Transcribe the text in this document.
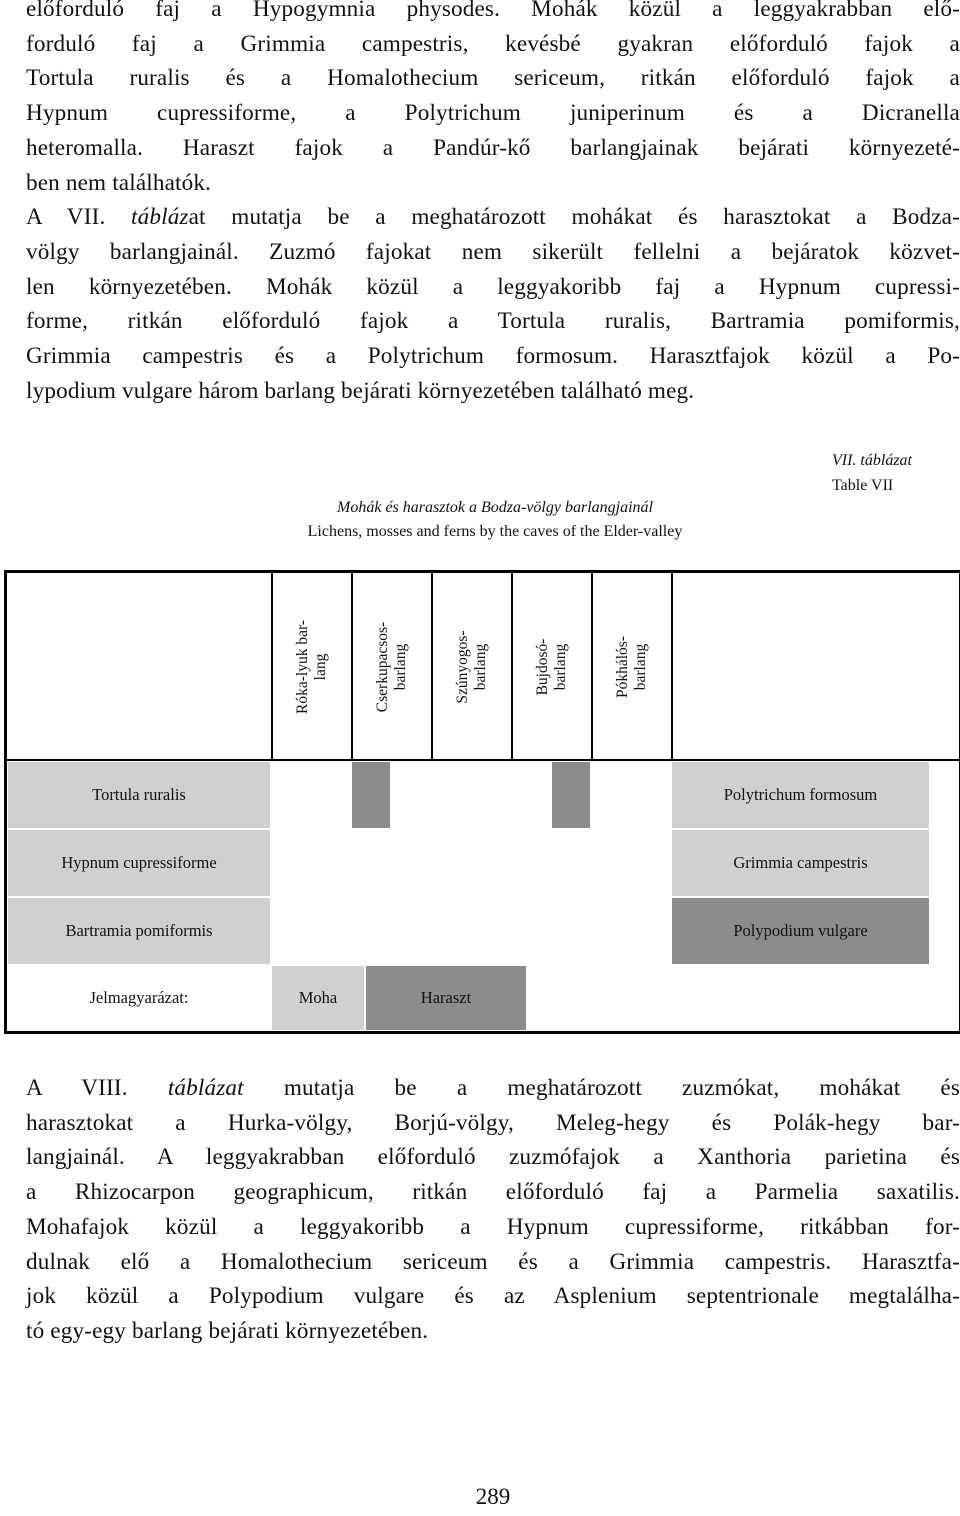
előforduló faj a Hypogymnia physodes. Mohák közül a leggyakrabban elő-
forduló faj a Grimmia campestris, kevésbé gyakran előforduló fajok a
Tortula ruralis és a Homalothecium sericeum, ritkán előforduló fajok a
Hypnum cupressiforme, a Polytrichum juniperinum és a Dicranella
heteromalla. Haraszt fajok a Pandúr-kő barlangjainak bejárati környezeté-
ben nem találhatók.
A VII. táblázat mutatja be a meghatározott mohákat és harasztokat a Bodza-
völgy barlangjainál. Zuzmó fajokat nem sikerült fellelni a bejáratok közvet-
len környezetében. Mohák közül a leggyakoribb faj a Hypnum cupressi-
forme, ritkán előforduló fajok a Tortula ruralis, Bartramia pomiformis,
Grimmia campestris és a Polytrichum formosum. Harasztfajok közül a Po-
lypodium vulgare három barlang bejárati környezetében található meg.
VII. táblázat
Table VII
Mohák és harasztok a Bodza-völgy barlangjainál
Lichens, mosses and ferns by the caves of the Elder-valley
Róka-lyuk bar-
lang	Cserkupacsos-
barlang	Szúnyogos-
barlang	Bujdosó-
barlang	Pókhálós-
barlang
Tortula ruralis	Polytrichum formosum
Hypnum cupressiforme	Grimmia campestris
Bartramia pomiformis	Polypodium vulgare
Jelmagyarázat:	Moha	Haraszt
A VIII. táblázat mutatja be a meghatározott zuzmókat, mohákat és
harasztokat a Hurka-völgy, Borjú-völgy, Meleg-hegy és Polák-hegy bar-
langjainál. A leggyakrabban előforduló zuzmófajok a Xanthoria parietina és
a Rhizocarpon geographicum, ritkán előforduló faj a Parmelia saxatilis.
Mohafajok közül a leggyakoribb a Hypnum cupressiforme, ritkábban for-
dulnak elő a Homalothecium sericeum és a Grimmia campestris. Harasztfa-
jok közül a Polypodium vulgare és az Asplenium septentrionale megtalálha-
tó egy-egy barlang bejárati környezetében.
289
